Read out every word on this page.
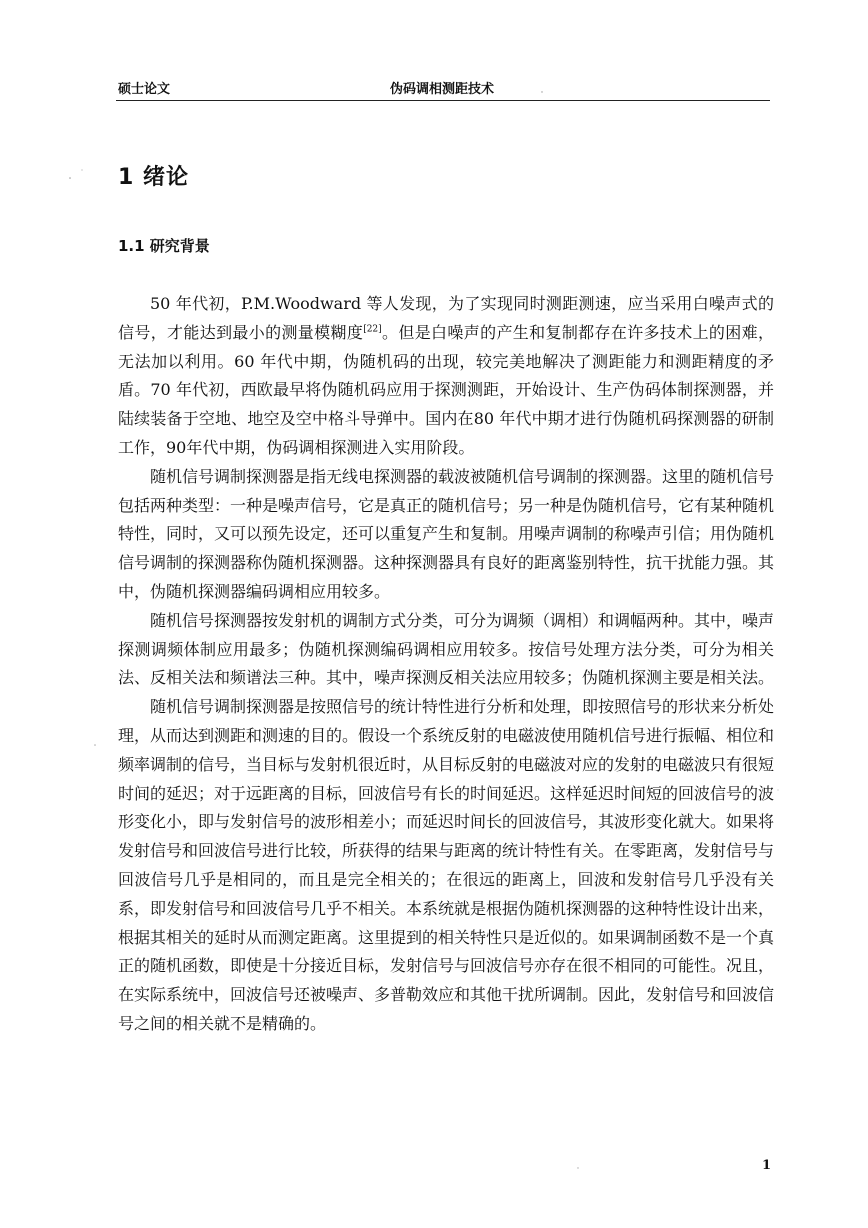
硕士论文	伪码调相测距技术
1 绪论
1.1 研究背景

50 年代初，P.M.Woodward 等人发现，为了实现同时测距测速，应当采用白噪声式的信号，才能达到最小的测量模糊度[22]。但是白噪声的产生和复制都存在许多技术上的困难，无法加以利用。60 年代中期，伪随机码的出现，较完美地解决了测距能力和测距精度的矛盾。70 年代初，西欧最早将伪随机码应用于探测测距，开始设计、生产伪码体制探测器，并陆续装备于空地、地空及空中格斗导弹中。国内在80 年代中期才进行伪随机码探测器的研制工作，90年代中期，伪码调相探测进入实用阶段。

随机信号调制探测器是指无线电探测器的载波被随机信号调制的探测器。这里的随机信号包括两种类型：一种是噪声信号，它是真正的随机信号；另一种是伪随机信号，它有某种随机特性，同时，又可以预先设定，还可以重复产生和复制。用噪声调制的称噪声引信；用伪随机信号调制的探测器称伪随机探测器。这种探测器具有良好的距离鉴别特性，抗干扰能力强。其中，伪随机探测器编码调相应用较多。

随机信号探测器按发射机的调制方式分类，可分为调频（调相）和调幅两种。其中，噪声探测调频体制应用最多；伪随机探测编码调相应用较多。按信号处理方法分类，可分为相关法、反相关法和频谱法三种。其中，噪声探测反相关法应用较多；伪随机探测主要是相关法。

随机信号调制探测器是按照信号的统计特性进行分析和处理，即按照信号的形状来分析处理，从而达到测距和测速的目的。假设一个系统反射的电磁波使用随机信号进行振幅、相位和频率调制的信号，当目标与发射机很近时，从目标反射的电磁波对应的发射的电磁波只有很短时间的延迟；对于远距离的目标，回波信号有长的时间延迟。这样延迟时间短的回波信号的波形变化小，即与发射信号的波形相差小；而延迟时间长的回波信号，其波形变化就大。如果将发射信号和回波信号进行比较，所获得的结果与距离的统计特性有关。在零距离，发射信号与回波信号几乎是相同的，而且是完全相关的；在很远的距离上，回波和发射信号几乎没有关系，即发射信号和回波信号几乎不相关。本系统就是根据伪随机探测器的这种特性设计出来，根据其相关的延时从而测定距离。这里提到的相关特性只是近似的。如果调制函数不是一个真正的随机函数，即使是十分接近目标，发射信号与回波信号亦存在很不相同的可能性。况且，在实际系统中，回波信号还被噪声、多普勒效应和其他干扰所调制。因此，发射信号和回波信号之间的相关就不是精确的。

1
